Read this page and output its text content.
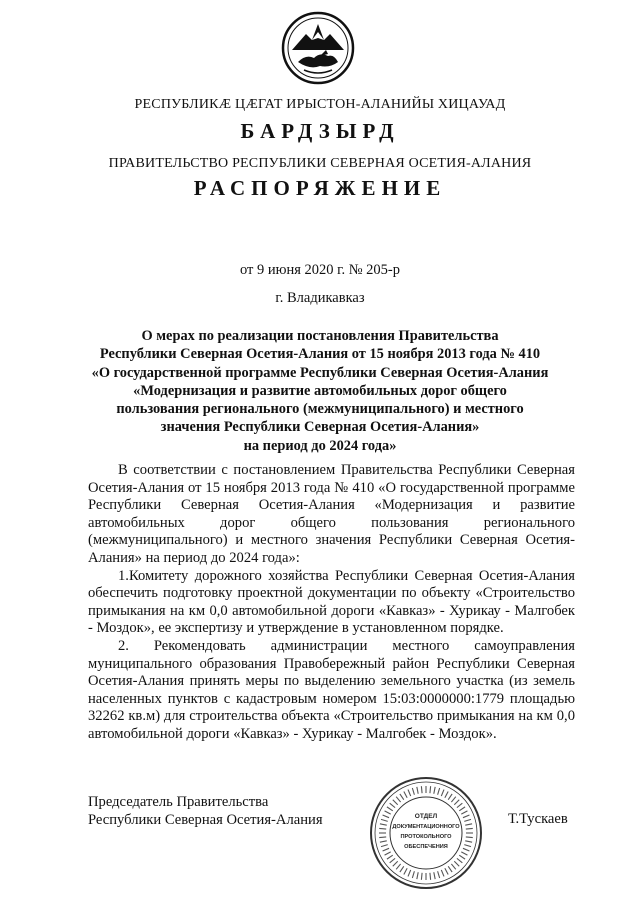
РЕСПУБЛИКӔ ЦӔГАТ ИРЫСТОН-АЛАНИЙЫ ХИЦАУАД
БАРДЗЫРД
ПРАВИТЕЛЬСТВО РЕСПУБЛИКИ СЕВЕРНАЯ ОСЕТИЯ-АЛАНИЯ
РАСПОРЯЖЕНИЕ
от 9 июня 2020 г. № 205-р
г. Владикавказ
О мерах по реализации постановления Правительства
Республики Северная Осетия-Алания от 15 ноября 2013 года № 410
«О государственной программе Республики Северная Осетия-Алания
«Модернизация и развитие автомобильных дорог общего
пользования регионального (межмуниципального) и местного
значения Республики Северная Осетия-Алания»
на период до 2024 года»

В соответствии с постановлением Правительства Республики Северная Осетия-Алания от 15 ноября 2013 года № 410 «О государственной программе Республики Северная Осетия-Алания «Модернизация и развитие автомобильных дорог общего пользования регионального (межмуниципального) и местного значения Республики Северная Осетия-Алания» на период до 2024 года»:

1.Комитету дорожного хозяйства Республики Северная Осетия-Алания обеспечить подготовку проектной документации по объекту «Строительство примыкания на км 0,0 автомобильной дороги «Кавказ» - Хурикау - Малгобек - Моздок», ее экспертизу и утверждение в установленном порядке.

2. Рекомендовать администрации местного самоуправления муниципального образования Правобережный район Республики Северная Осетия-Алания принять меры по выделению земельного участка (из земель населенных пунктов с кадастровым номером 15:03:0000000:1779 площадью 32262 кв.м) для строительства объекта «Строительство примыкания на км 0,0 автомобильной дороги «Кавказ» - Хурикау - Малгобек - Моздок».

Председатель Правительства
Республики Северная Осетия-Алания	Т.Тускаев
ОТДЕЛ
ДОКУМЕНТАЦИОННОГО
ПРОТОКОЛЬНОГО
ОБЕСПЕЧЕНИЯ
